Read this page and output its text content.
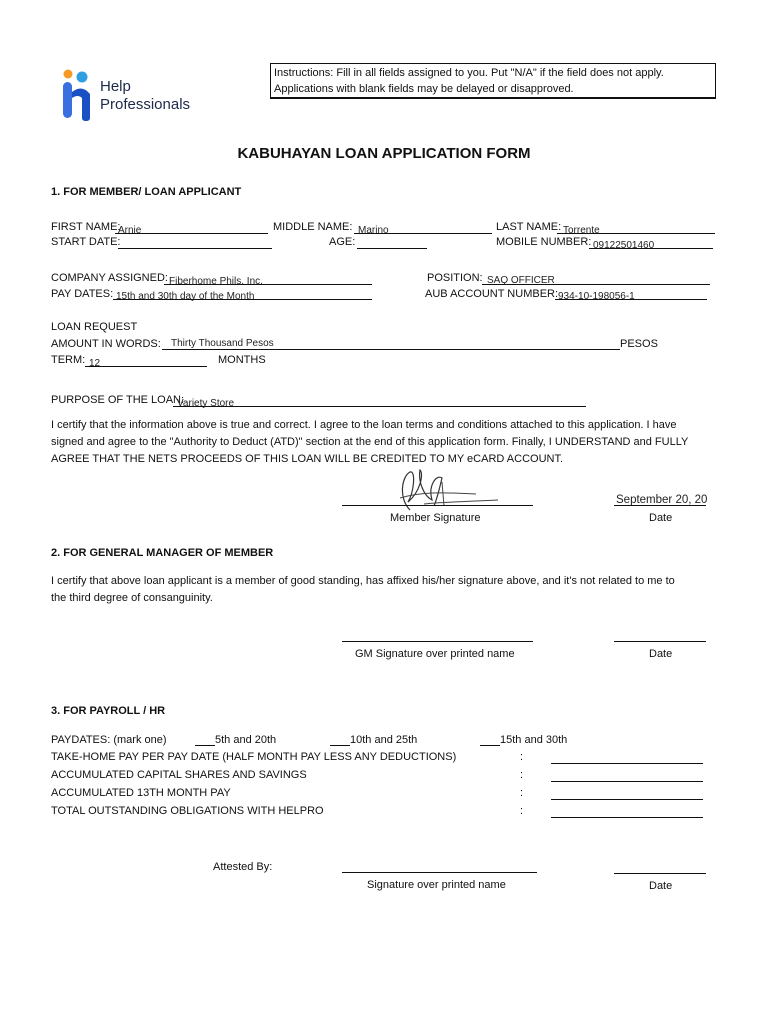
Help
Professionals
Instructions: Fill in all fields assigned to you. Put "N/A" if the field does not apply.
Applications with blank fields may be delayed or disapproved.
KABUHAYAN LOAN APPLICATION FORM
1. FOR MEMBER/ LOAN APPLICANT
FIRST NAME:
Arnie	MIDDLE NAME: Marino	LAST NAME: Torrente
START DATE:	AGE:	MOBILE NUMBER: 09122501460
COMPANY ASSIGNED: Fiberhome Phils. Inc.	POSITION: SAQ OFFICER
PAY DATES: 15th and 30th day of the Month	AUB ACCOUNT NUMBER: 934-10-198056-1
LOAN REQUEST
AMOUNT IN WORDS: Thirty Thousand Pesos	PESOS
TERM: 12	MONTHS
PURPOSE OF THE LOAN:
Variety Store
I certify that the information above is true and correct. I agree to the loan terms and conditions attached to this application. I have
signed and agree to the "Authority to Deduct (ATD)" section at the end of this application form. Finally, I UNDERSTAND and FULLY
AGREE THAT THE NETS PROCEEDS OF THIS LOAN WILL BE CREDITED TO MY eCARD ACCOUNT.
Member Signature
September 20, 20
Date
2. FOR GENERAL MANAGER OF MEMBER
I certify that above loan applicant is a member of good standing, has affixed his/her signature above, and it's not related to me to
the third degree of consanguinity.
GM Signature over printed name	Date
3. FOR PAYROLL / HR
PAYDATES: (mark one)	5th and 20th	10th and 25th	15th and 30th
TAKE-HOME PAY PER PAY DATE (HALF MONTH PAY LESS ANY DEDUCTIONS)	:
ACCUMULATED CAPITAL SHARES AND SAVINGS	:
ACCUMULATED 13TH MONTH PAY	:
TOTAL OUTSTANDING OBLIGATIONS WITH HELPRO	:
Attested By:
Signature over printed name	Date
